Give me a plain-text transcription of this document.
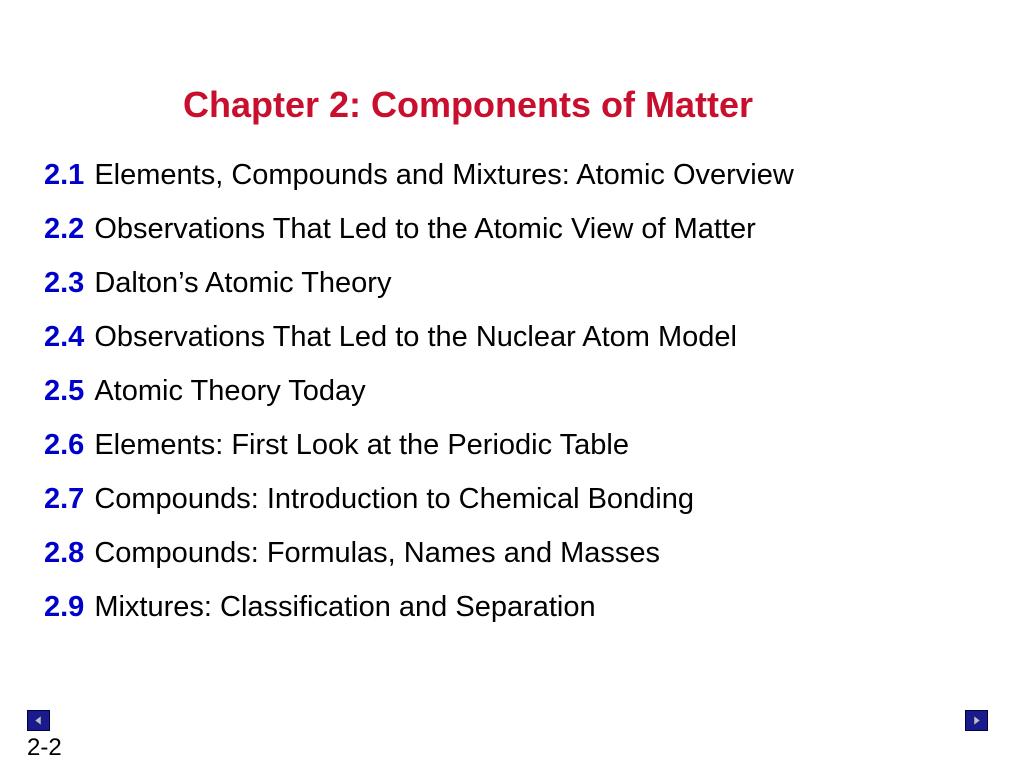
Chapter 2: Components of Matter
2.1 Elements, Compounds and Mixtures: Atomic Overview
2.2 Observations That Led to the Atomic View of Matter
2.3 Dalton’s Atomic Theory
2.4 Observations That Led to the Nuclear Atom Model
2.5 Atomic Theory Today
2.6 Elements: First Look at the Periodic Table
2.7 Compounds: Introduction to Chemical Bonding
2.8 Compounds: Formulas, Names and Masses
2.9 Mixtures: Classification and Separation
2-2
